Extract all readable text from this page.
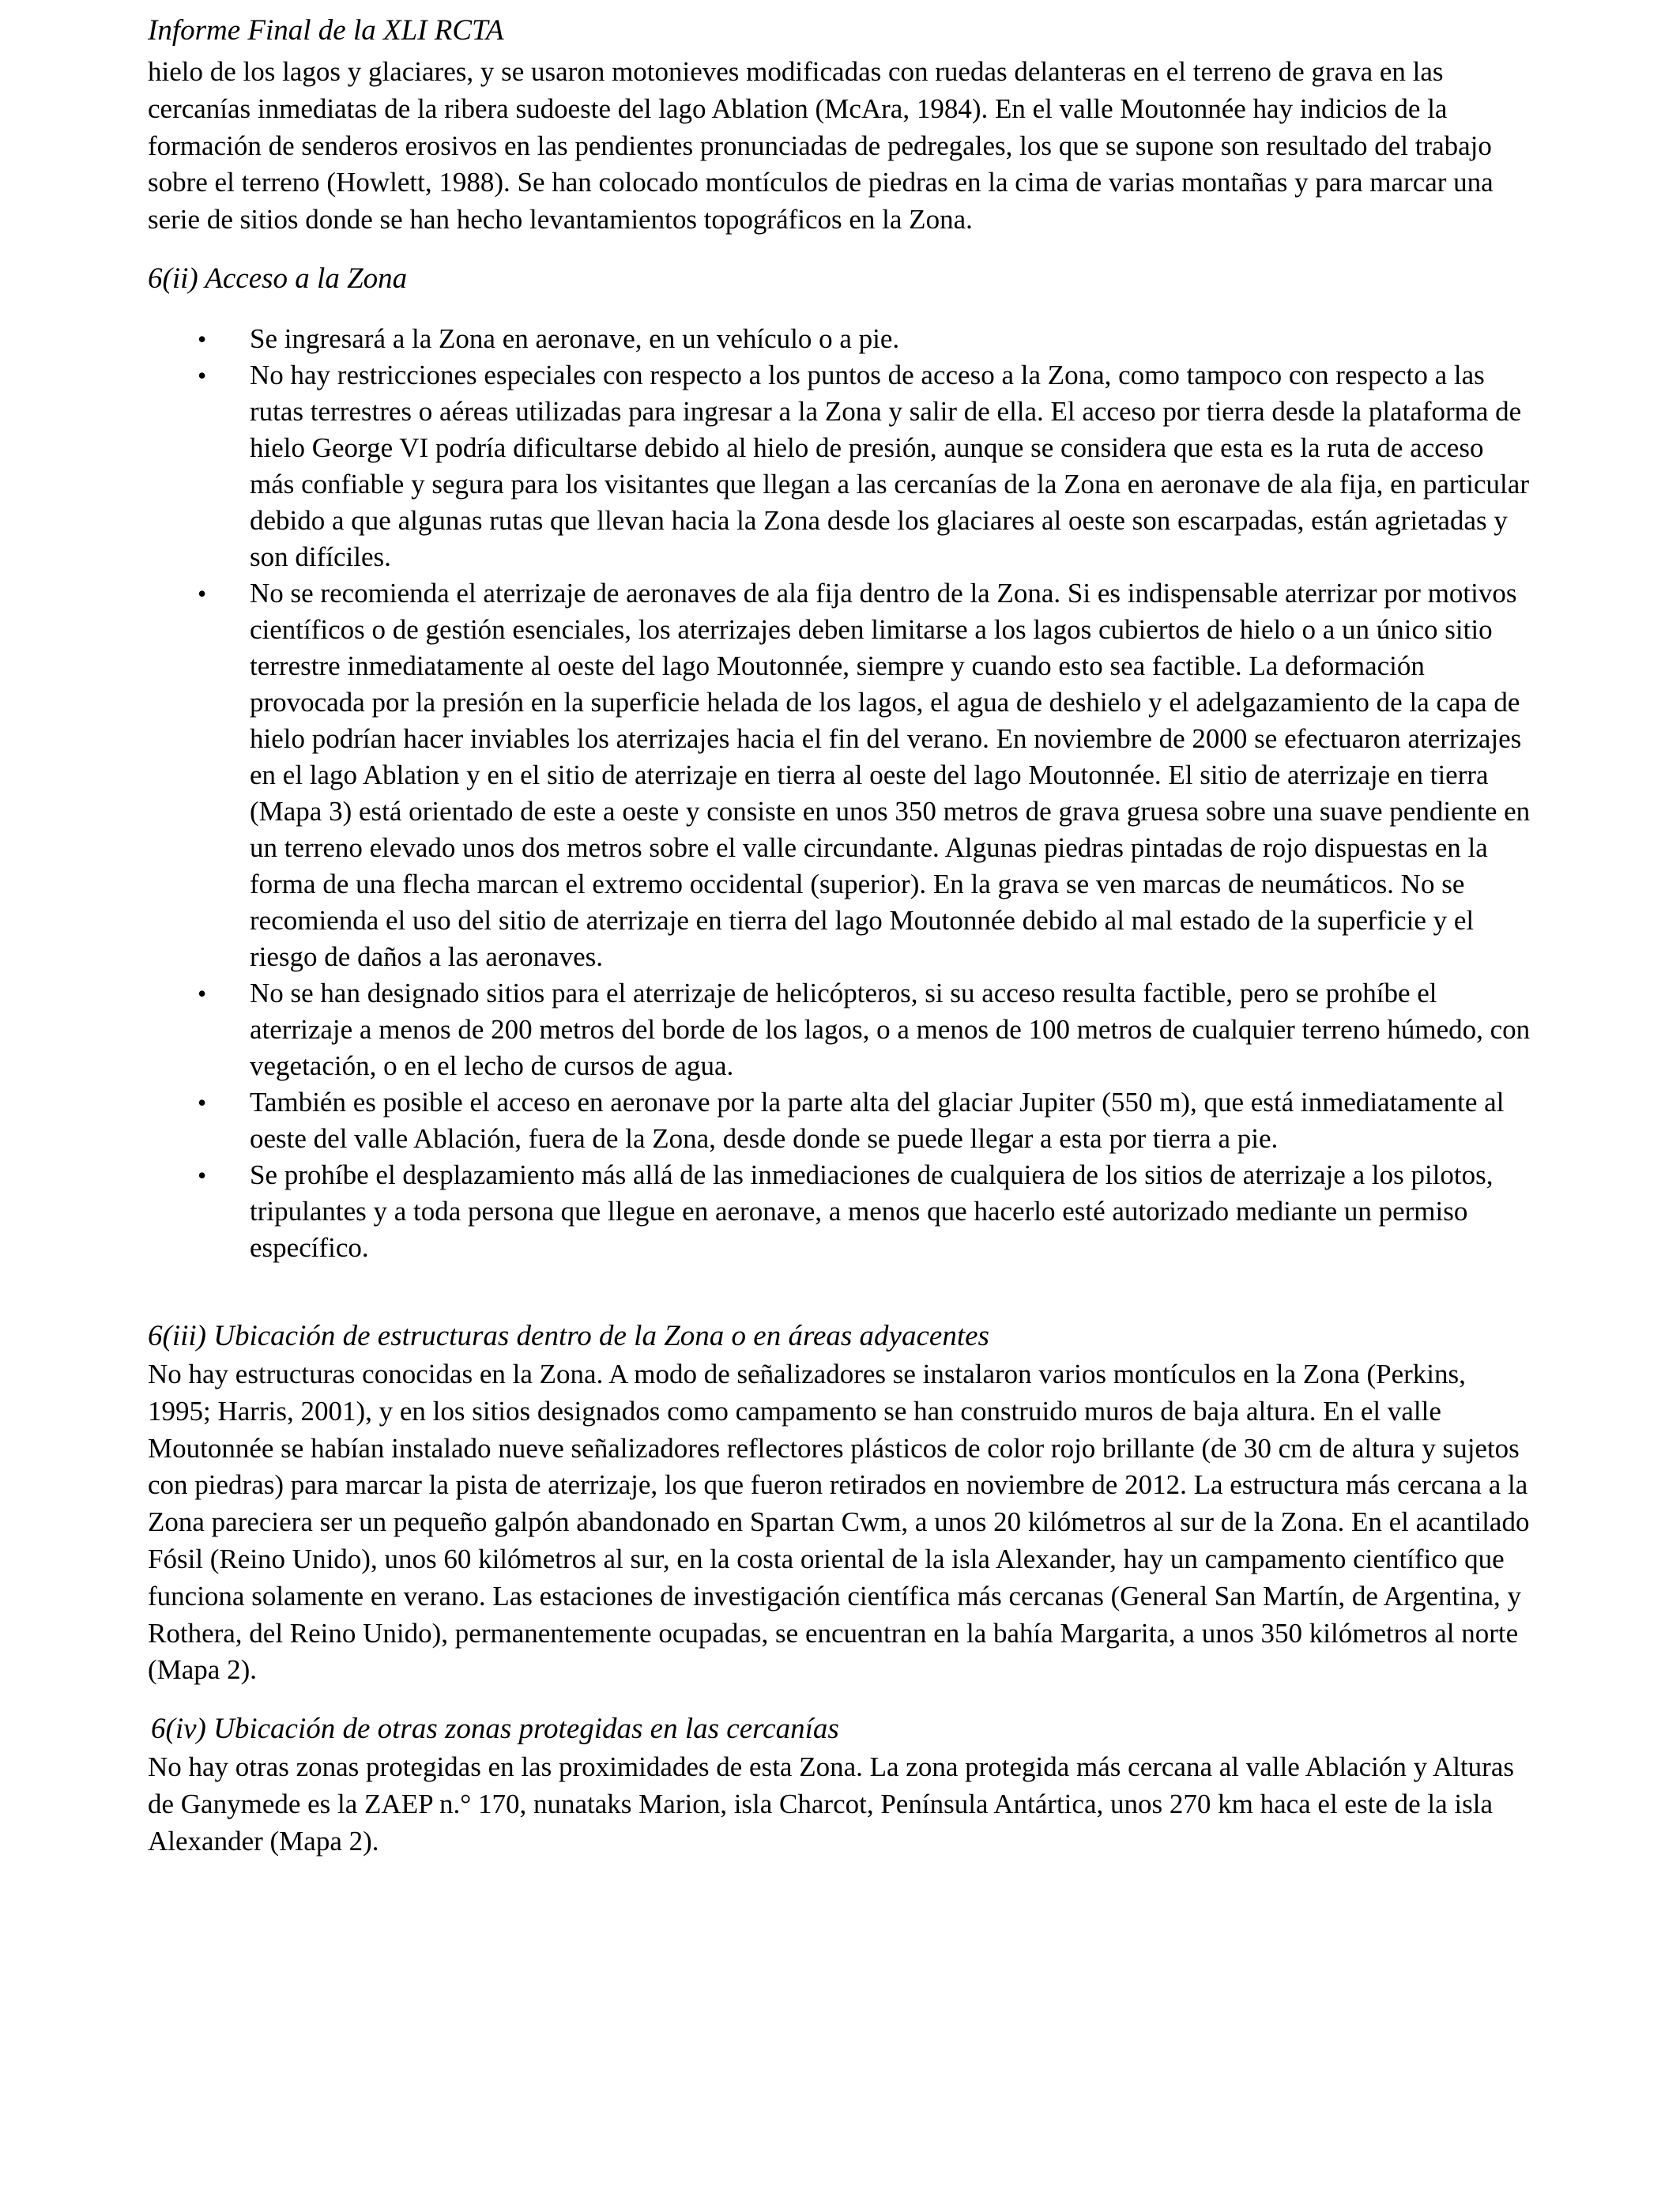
Informe Final de la XLI RCTA

hielo de los lagos y glaciares, y se usaron motonieves modificadas con ruedas delanteras en el terreno de grava en las cercanías inmediatas de la ribera sudoeste del lago Ablation (McAra, 1984). En el valle Moutonnée hay indicios de la formación de senderos erosivos en las pendientes pronunciadas de pedregales, los que se supone son resultado del trabajo sobre el terreno (Howlett, 1988). Se han colocado montículos de piedras en la cima de varias montañas y para marcar una serie de sitios donde se han hecho levantamientos topográficos en la Zona.

6(ii) Acceso a la Zona
• Se ingresará a la Zona en aeronave, en un vehículo o a pie.
• No hay restricciones especiales con respecto a los puntos de acceso a la Zona, como tampoco con respecto a las rutas terrestres o aéreas utilizadas para ingresar a la Zona y salir de ella. El acceso por tierra desde la plataforma de hielo George VI podría dificultarse debido al hielo de presión, aunque se considera que esta es la ruta de acceso más confiable y segura para los visitantes que llegan a las cercanías de la Zona en aeronave de ala fija, en particular debido a que algunas rutas que llevan hacia la Zona desde los glaciares al oeste son escarpadas, están agrietadas y son difíciles.
• No se recomienda el aterrizaje de aeronaves de ala fija dentro de la Zona. Si es indispensable aterrizar por motivos científicos o de gestión esenciales, los aterrizajes deben limitarse a los lagos cubiertos de hielo o a un único sitio terrestre inmediatamente al oeste del lago Moutonnée, siempre y cuando esto sea factible. La deformación provocada por la presión en la superficie helada de los lagos, el agua de deshielo y el adelgazamiento de la capa de hielo podrían hacer inviables los aterrizajes hacia el fin del verano. En noviembre de 2000 se efectuaron aterrizajes en el lago Ablation y en el sitio de aterrizaje en tierra al oeste del lago Moutonnée. El sitio de aterrizaje en tierra (Mapa 3) está orientado de este a oeste y consiste en unos 350 metros de grava gruesa sobre una suave pendiente en un terreno elevado unos dos metros sobre el valle circundante. Algunas piedras pintadas de rojo dispuestas en la forma de una flecha marcan el extremo occidental (superior). En la grava se ven marcas de neumáticos. No se recomienda el uso del sitio de aterrizaje en tierra del lago Moutonnée debido al mal estado de la superficie y el riesgo de daños a las aeronaves.
• No se han designado sitios para el aterrizaje de helicópteros, si su acceso resulta factible, pero se prohíbe el aterrizaje a menos de 200 metros del borde de los lagos, o a menos de 100 metros de cualquier terreno húmedo, con vegetación, o en el lecho de cursos de agua.
• También es posible el acceso en aeronave por la parte alta del glaciar Jupiter (550 m), que está inmediatamente al oeste del valle Ablación, fuera de la Zona, desde donde se puede llegar a esta por tierra a pie.
• Se prohíbe el desplazamiento más allá de las inmediaciones de cualquiera de los sitios de aterrizaje a los pilotos, tripulantes y a toda persona que llegue en aeronave, a menos que hacerlo esté autorizado mediante un permiso específico.
6(iii) Ubicación de estructuras dentro de la Zona o en áreas adyacentes

No hay estructuras conocidas en la Zona. A modo de señalizadores se instalaron varios montículos en la Zona (Perkins, 1995; Harris, 2001), y en los sitios designados como campamento se han construido muros de baja altura. En el valle Moutonnée se habían instalado nueve señalizadores reflectores plásticos de color rojo brillante (de 30 cm de altura y sujetos con piedras) para marcar la pista de aterrizaje, los que fueron retirados en noviembre de 2012. La estructura más cercana a la Zona pareciera ser un pequeño galpón abandonado en Spartan Cwm, a unos 20 kilómetros al sur de la Zona. En el acantilado Fósil (Reino Unido), unos 60 kilómetros al sur, en la costa oriental de la isla Alexander, hay un campamento científico que funciona solamente en verano. Las estaciones de investigación científica más cercanas (General San Martín, de Argentina, y Rothera, del Reino Unido), permanentemente ocupadas, se encuentran en la bahía Margarita, a unos 350 kilómetros al norte (Mapa 2).

6(iv) Ubicación de otras zonas protegidas en las cercanías

No hay otras zonas protegidas en las proximidades de esta Zona. La zona protegida más cercana al valle Ablación y Alturas de Ganymede es la ZAEP n.° 170, nunataks Marion, isla Charcot, Península Antártica, unos 270 km haca el este de la isla Alexander (Mapa 2).
